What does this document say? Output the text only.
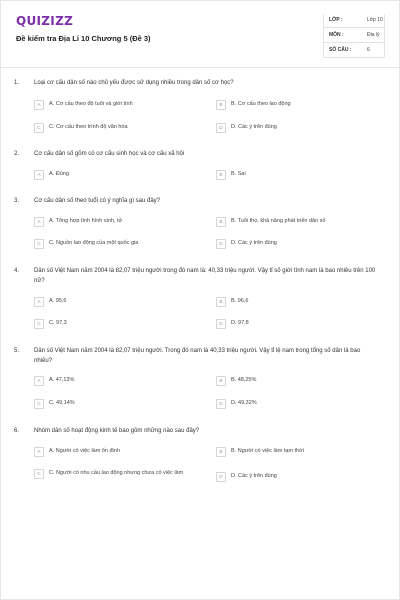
QUIZIZZ
Đề kiểm tra Địa Lí 10 Chương 5 (Đề 3)
LỚP :	Lớp 10
MÔN :	Địa lý
SỐ CÂU :	6
1. Loại cơ cấu dân số nào chủ yếu được sử dụng nhiều trong dân số cơ học?
A	A. Cơ cấu theo độ tuổi và giới tính	B	B. Cơ cấu theo lao động
C	C. Cơ cấu theo trình độ văn hóa	D	D. Các ý trên đúng
2. Cơ cấu dân số gồm có cơ cấu sinh học và cơ cấu xã hội
A	A. Đúng	B	B. Sai
3. Cơ cấu dân số theo tuổi có ý nghĩa gì sau đây?
A	A. Tổng hợp tình hình sinh, tử	B	B. Tuổi thọ, khả năng phát triển dân số
C	C. Nguồn lao động của một quốc gia	D	D. Các ý trên đúng
4. Dân số Việt Nam năm 2004 là 82,07 triệu người trong đó nam là: 40,33 triệu người. Vậy tỉ số giới tính nam là bao nhiêu trên 100 nữ?
A	A. 95,6	B	B. 96,6
C	C. 97,3	D	D. 97,8
5. Dân số Việt Nam năm 2004 là 82,07 triệu người. Trong đó nam là 40,33 triệu người. Vậy tỉ lệ nam trong tổng số dân là bao nhiêu?
A	A. 47,13%	B	B. 48,25%
C	C. 49,14%	D	D. 49,32%
6. Nhóm dân số hoạt động kinh tế bao gồm những nào sau đây?
A	A. Người có việc làm ổn định	B	B. Người có việc làm tạm thời
C	C. Người có nhu cầu lao động nhưng chưa có việc làm
D	D. Các ý trên đúng
